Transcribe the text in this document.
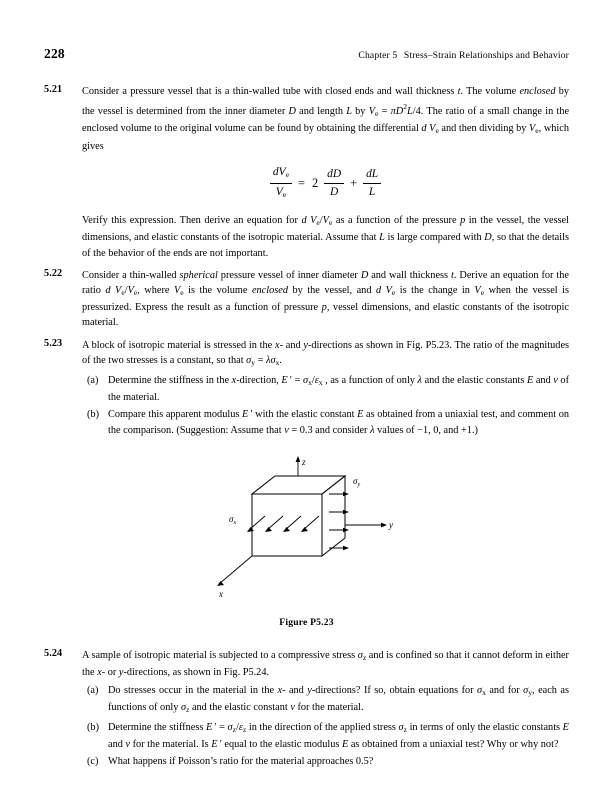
228	Chapter 5 Stress–Strain Relationships and Behavior
5.21	Consider a pressure vessel that is a thin-walled tube with closed ends and wall thickness t. The volume enclosed by the vessel is determined from the inner diameter D and length L by $V_e = \pi D^2L/4$. The ratio of a small change in the enclosed volume to the original volume can be found by obtaining the differential d $V_e$ and then dividing by $V_e$, which gives

$\frac{dV_e}{V_e} = 2 \frac{dD}{D} + \frac{dL}{L}$

Verify this expression. Then derive an equation for d $V_e/V_e$ as a function of the pressure p in the vessel, the vessel dimensions, and elastic constants of the isotropic material. Assume that L is large compared with D, so that the details of the behavior of the ends are not important.

5.22	Consider a thin-walled spherical pressure vessel of inner diameter D and wall thickness t. Derive an equation for the ratio d $V_e/V_e$, where $V_e$ is the volume enclosed by the vessel, and d $V_e$ is the change in $V_e$ when the vessel is pressurized. Express the result as a function of pressure p, vessel dimensions, and elastic constants of the isotropic material.

5.23	A block of isotropic material is stressed in the x- and y-directions as shown in Fig. P5.23. The ratio of the magnitudes of the two stresses is a constant, so that $\sigma_y = \lambda\sigma_x$.

(a) Determine the stiffness in the x-direction, E ′ = $\sigma_x/\varepsilon_x$ , as a function of only λ and the elastic constants E and ν of the material.
(b) Compare this apparent modulus E ′ with the elastic constant E as obtained from a uniaxial test, and comment on the comparison. (Suggestion: Assume that ν = 0.3 and consider λ values of −1, 0, and +1.)
z
y
x
$\sigma_y$
$\sigma_x$
Figure P5.23
5.24	A sample of isotropic material is subjected to a compressive stress $\sigma_z$ and is confined so that it cannot deform in either the x- or y-directions, as shown in Fig. P5.24.

(a) Do stresses occur in the material in the x- and y-directions? If so, obtain equations for $\sigma_x$ and for $\sigma_y$, each as functions of only $\sigma_z$ and the elastic constant ν for the material.
(b) Determine the stiffness E ′ = $\sigma_z/\varepsilon_z$ in the direction of the applied stress $\sigma_z$ in terms of only the elastic constants E and ν for the material. Is E ′ equal to the elastic modulus E as obtained from a uniaxial test? Why or why not?
(c) What happens if Poisson’s ratio for the material approaches 0.5?
